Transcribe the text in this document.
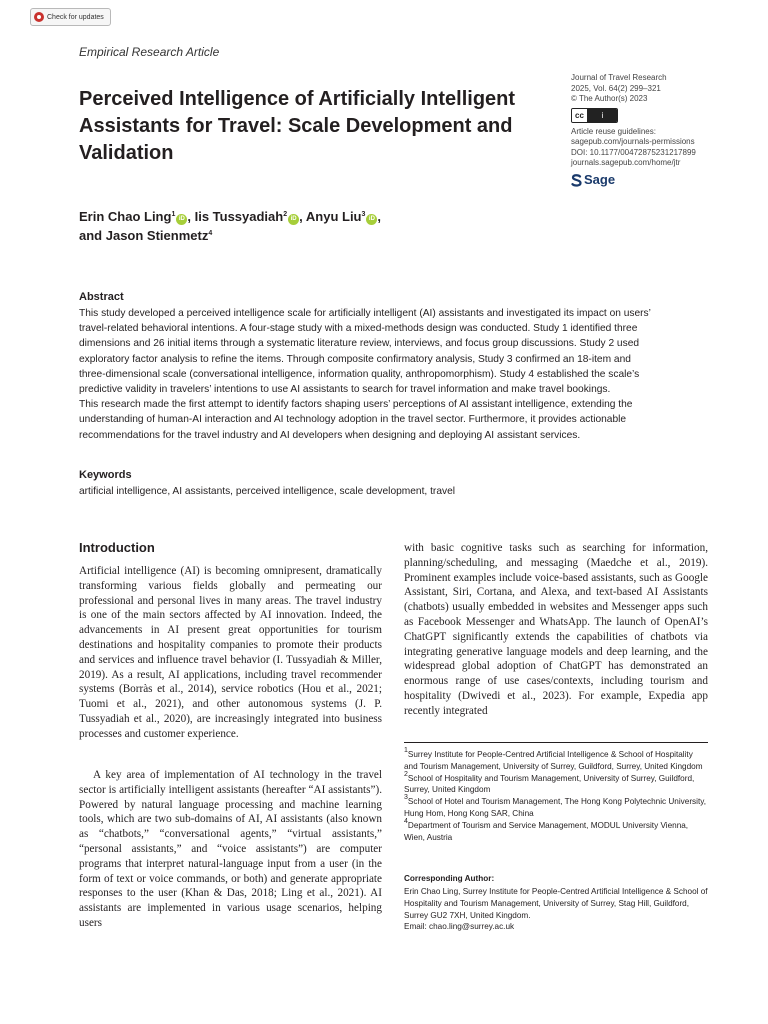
Check for updates
Empirical Research Article
Perceived Intelligence of Artificially Intelligent Assistants for Travel: Scale Development and Validation
Journal of Travel Research
2025, Vol. 64(2) 299–321
© The Author(s) 2023
cc	i
Article reuse guidelines:
sagepub.com/journals-permissions
DOI: 10.1177/00472875231217899
journals.sagepub.com/home/jtr
Sage
Erin Chao Ling$^1$iD , Iis Tussyadiah$^2$iD , Anyu Liu$^3$iD ,
and Jason Stienmetz$^4$
Abstract
This study developed a perceived intelligence scale for artificially intelligent (AI) assistants and investigated its impact on users’
travel-related behavioral intentions. A four-stage study with a mixed-methods design was conducted. Study 1 identified three
dimensions and 26 initial items through a systematic literature review, interviews, and focus group discussions. Study 2 used
exploratory factor analysis to refine the items. Through composite confirmatory analysis, Study 3 confirmed an 18-item and
three-dimensional scale (conversational intelligence, information quality, anthropomorphism). Study 4 established the scale’s
predictive validity in travelers’ intentions to use AI assistants to search for travel information and make travel bookings.
This research made the first attempt to identify factors shaping users’ perceptions of AI assistant intelligence, extending the
understanding of human-AI interaction and AI technology adoption in the travel sector. Furthermore, it provides actionable
recommendations for the travel industry and AI developers when designing and deploying AI assistant services.
Keywords
artificial intelligence, AI assistants, perceived intelligence, scale development, travel
Introduction
Artificial intelligence (AI) is becoming omnipresent, dramatically transforming various fields globally and permeating our professional and personal lives in many areas. The travel industry is one of the main sectors affected by AI innovation. Indeed, the advancements in AI present great opportunities for tourism destinations and hospitality companies to promote their products and services and influence travel behavior (I. Tussyadiah & Miller, 2019). As a result, AI applications, including travel recommender systems (Borràs et al., 2014), service robotics (Hou et al., 2021; Tuomi et al., 2021), and other autonomous systems (J. P. Tussyadiah et al., 2020), are increasingly integrated into business processes and customer experience.
A key area of implementation of AI technology in the travel sector is artificially intelligent assistants (hereafter “AI assistants”). Powered by natural language processing and machine learning tools, which are two sub-domains of AI, AI assistants (also known as “chatbots,” “conversational agents,” “virtual assistants,” “personal assistants,” and “voice assistants”) are computer programs that interpret natural-language input from a user (in the form of text or voice commands, or both) and generate appropriate responses to the user (Khan & Das, 2018; Ling et al., 2021). AI assistants are implemented in various usage scenarios, helping users
with basic cognitive tasks such as searching for information, planning/scheduling, and messaging (Maedche et al., 2019). Prominent examples include voice-based assistants, such as Google Assistant, Siri, Cortana, and Alexa, and text-based AI Assistants (chatbots) usually embedded in websites and Messenger apps such as Facebook Messenger and WhatsApp. The launch of OpenAI’s ChatGPT significantly extends the capabilities of chatbots via integrating generative language models and deep learning, and the widespread global adoption of ChatGPT has demonstrated an enormous range of use cases/contexts, including tourism and hospitality (Dwivedi et al., 2023). For example, Expedia app recently integrated
$^1$Surrey Institute for People-Centred Artificial Intelligence & School of Hospitality and Tourism Management, University of Surrey, Guildford, Surrey, United Kingdom
$^2$School of Hospitality and Tourism Management, University of Surrey, Guildford, Surrey, United Kingdom
$^3$School of Hotel and Tourism Management, The Hong Kong Polytechnic University, Hung Hom, Hong Kong SAR, China
$^4$Department of Tourism and Service Management, MODUL University Vienna, Wien, Austria
Corresponding Author:
Erin Chao Ling, Surrey Institute for People-Centred Artificial Intelligence & School of Hospitality and Tourism Management, University of Surrey, Stag Hill, Guildford, Surrey GU2 7XH, United Kingdom.
Email: chao.ling@surrey.ac.uk
